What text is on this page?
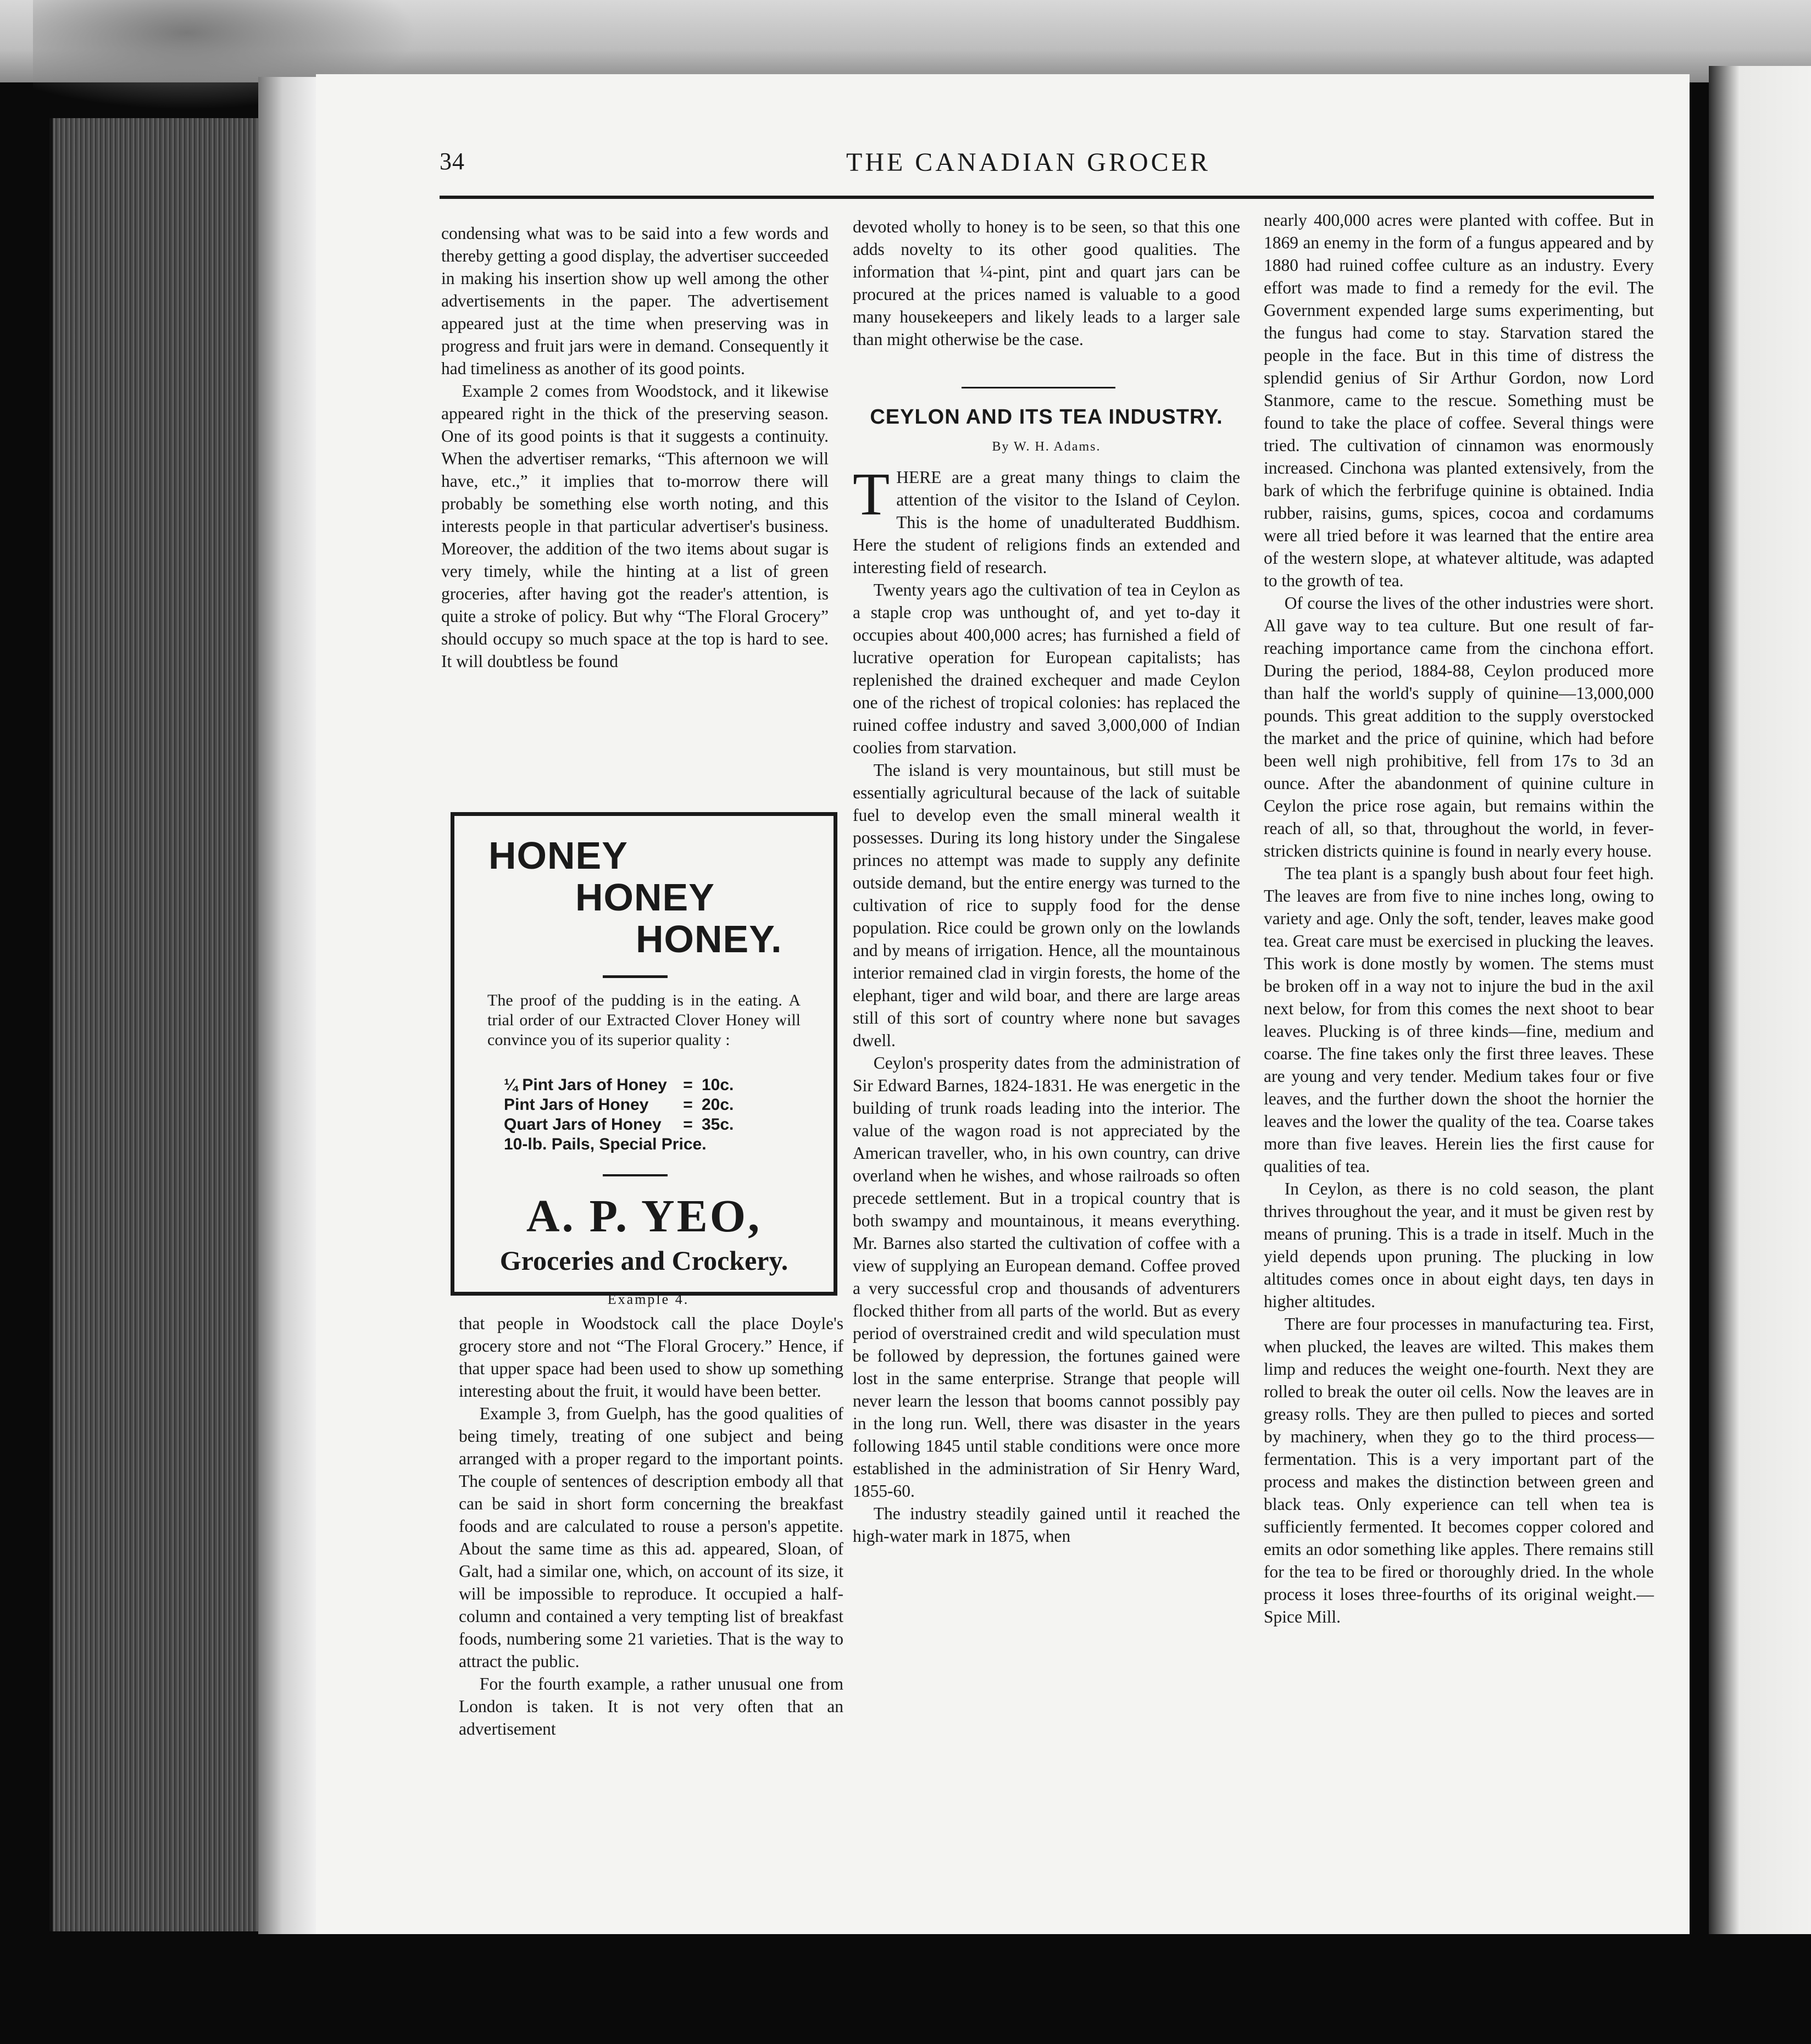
34	THE CANADIAN GROCER

condensing what was to be said into a few words and thereby getting a good display, the advertiser succeeded in making his insertion show up well among the other advertisements in the paper. The advertisement appeared just at the time when preserving was in progress and fruit jars were in demand. Consequently it had timeliness as another of its good points.

Example 2 comes from Woodstock, and it likewise appeared right in the thick of the preserving season. One of its good points is that it suggests a continuity. When the advertiser remarks, “This afternoon we will have, etc.,” it implies that to-morrow there will probably be something else worth noting, and this interests people in that particular advertiser's business. Moreover, the addition of the two items about sugar is very timely, while the hinting at a list of green groceries, after having got the reader's attention, is quite a stroke of policy. But why “The Floral Grocery” should occupy so much space at the top is hard to see. It will doubtless be found

HONEY
HONEY
HONEY.
The proof of the pudding is in the eating. A trial order of our Extracted Clover Honey will convince you of its superior quality :
¼ Pint Jars of Honey = 10c.
Pint Jars of Honey	= 20c.
Quart Jars of Honey	= 35c.
10-lb. Pails, Special Price.
A. P. YEO,
Groceries and Crockery.
Example 4.

that people in Woodstock call the place Doyle's grocery store and not “The Floral Grocery.” Hence, if that upper space had been used to show up something interesting about the fruit, it would have been better.

Example 3, from Guelph, has the good qualities of being timely, treating of one subject and being arranged with a proper regard to the important points. The couple of sentences of description embody all that can be said in short form concerning the breakfast foods and are calculated to rouse a person's appetite. About the same time as this ad. appeared, Sloan, of Galt, had a similar one, which, on account of its size, it will be impossible to reproduce. It occupied a half-column and contained a very tempting list of breakfast foods, numbering some 21 varieties. That is the way to attract the public.

For the fourth example, a rather unusual one from London is taken. It is not very often that an advertisement

devoted wholly to honey is to be seen, so that this one adds novelty to its other good qualities. The information that ¼-pint, pint and quart jars can be procured at the prices named is valuable to a good many housekeepers and likely leads to a larger sale than might otherwise be the case.

CEYLON AND ITS TEA INDUSTRY.
By W. H. Adams.

THERE are a great many things to claim the attention of the visitor to the Island of Ceylon. This is the home of unadulterated Buddhism. Here the student of religions finds an extended and interesting field of research.

Twenty years ago the cultivation of tea in Ceylon as a staple crop was unthought of, and yet to-day it occupies about 400,000 acres; has furnished a field of lucrative operation for European capitalists; has replenished the drained exchequer and made Ceylon one of the richest of tropical colonies: has replaced the ruined coffee industry and saved 3,000,000 of Indian coolies from starvation.

The island is very mountainous, but still must be essentially agricultural because of the lack of suitable fuel to develop even the small mineral wealth it possesses. During its long history under the Singalese princes no attempt was made to supply any definite outside demand, but the entire energy was turned to the cultivation of rice to supply food for the dense population. Rice could be grown only on the lowlands and by means of irrigation. Hence, all the mountainous interior remained clad in virgin forests, the home of the elephant, tiger and wild boar, and there are large areas still of this sort of country where none but savages dwell.

Ceylon's prosperity dates from the administration of Sir Edward Barnes, 1824-1831. He was energetic in the building of trunk roads leading into the interior. The value of the wagon road is not appreciated by the American traveller, who, in his own country, can drive overland when he wishes, and whose railroads so often precede settlement. But in a tropical country that is both swampy and mountainous, it means everything. Mr. Barnes also started the cultivation of coffee with a view of supplying an European demand. Coffee proved a very successful crop and thousands of adventurers flocked thither from all parts of the world. But as every period of overstrained credit and wild speculation must be followed by depression, the fortunes gained were lost in the same enterprise. Strange that people will never learn the lesson that booms cannot possibly pay in the long run. Well, there was disaster in the years following 1845 until stable conditions were once more established in the administration of Sir Henry Ward, 1855-60.

The industry steadily gained until it reached the high-water mark in 1875, when

nearly 400,000 acres were planted with coffee. But in 1869 an enemy in the form of a fungus appeared and by 1880 had ruined coffee culture as an industry. Every effort was made to find a remedy for the evil. The Government expended large sums experimenting, but the fungus had come to stay. Starvation stared the people in the face. But in this time of distress the splendid genius of Sir Arthur Gordon, now Lord Stanmore, came to the rescue. Something must be found to take the place of coffee. Several things were tried. The cultivation of cinnamon was enormously increased. Cinchona was planted extensively, from the bark of which the ferbrifuge quinine is obtained. India rubber, raisins, gums, spices, cocoa and cordamums were all tried before it was learned that the entire area of the western slope, at whatever altitude, was adapted to the growth of tea.

Of course the lives of the other industries were short. All gave way to tea culture. But one result of far-reaching importance came from the cinchona effort. During the period, 1884-88, Ceylon produced more than half the world's supply of quinine—13,000,000 pounds. This great addition to the supply overstocked the market and the price of quinine, which had before been well nigh prohibitive, fell from 17s to 3d an ounce. After the abandonment of quinine culture in Ceylon the price rose again, but remains within the reach of all, so that, throughout the world, in fever-stricken districts quinine is found in nearly every house.

The tea plant is a spangly bush about four feet high. The leaves are from five to nine inches long, owing to variety and age. Only the soft, tender, leaves make good tea. Great care must be exercised in plucking the leaves. This work is done mostly by women. The stems must be broken off in a way not to injure the bud in the axil next below, for from this comes the next shoot to bear leaves. Plucking is of three kinds—fine, medium and coarse. The fine takes only the first three leaves. These are young and very tender. Medium takes four or five leaves, and the further down the shoot the hornier the leaves and the lower the quality of the tea. Coarse takes more than five leaves. Herein lies the first cause for qualities of tea.

In Ceylon, as there is no cold season, the plant thrives throughout the year, and it must be given rest by means of pruning. This is a trade in itself. Much in the yield depends upon pruning. The plucking in low altitudes comes once in about eight days, ten days in higher altitudes.

There are four processes in manufacturing tea. First, when plucked, the leaves are wilted. This makes them limp and reduces the weight one-fourth. Next they are rolled to break the outer oil cells. Now the leaves are in greasy rolls. They are then pulled to pieces and sorted by machinery, when they go to the third process—fermentation. This is a very important part of the process and makes the distinction between green and black teas. Only experience can tell when tea is sufficiently fermented. It becomes copper colored and emits an odor something like apples. There remains still for the tea to be fired or thoroughly dried. In the whole process it loses three-fourths of its original weight.—Spice Mill.
